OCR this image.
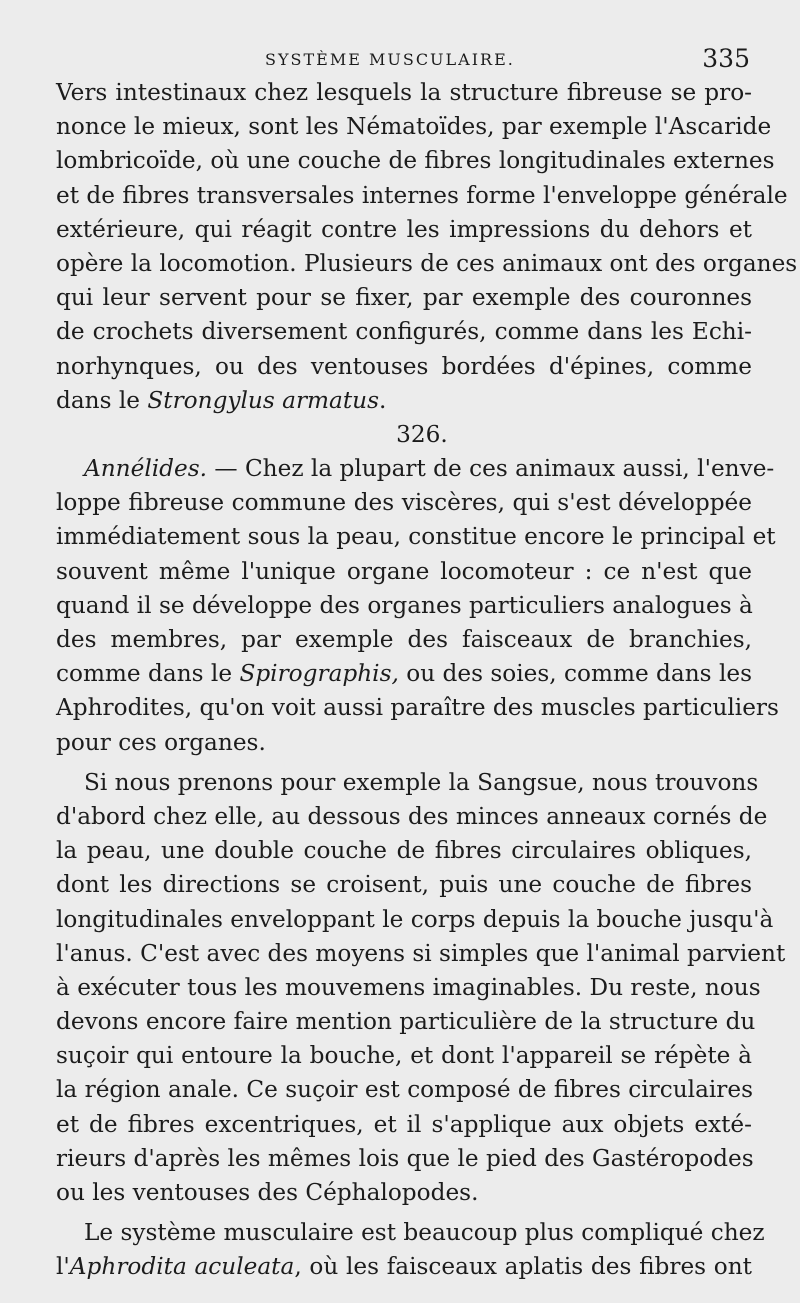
SYSTÈME MUSCULAIRE.	335
Vers intestinaux chez lesquels la structure fibreuse se pro-
nonce le mieux, sont les Nématoïdes, par exemple l'Ascaride
lombricoïde, où une couche de fibres longitudinales externes
et de fibres transversales internes forme l'enveloppe générale
extérieure, qui réagit contre les impressions du dehors et
opère la locomotion. Plusieurs de ces animaux ont des organes
qui leur servent pour se fixer, par exemple des couronnes
de crochets diversement configurés, comme dans les Echi-
norhynques, ou des ventouses bordées d'épines, comme
dans le Strongylus armatus.
326.
Annélides. — Chez la plupart de ces animaux aussi, l'enve-
loppe fibreuse commune des viscères, qui s'est développée
immédiatement sous la peau, constitue encore le principal et
souvent même l'unique organe locomoteur : ce n'est que
quand il se développe des organes particuliers analogues à
des membres, par exemple des faisceaux de branchies,
comme dans le Spirographis, ou des soies, comme dans les
Aphrodites, qu'on voit aussi paraître des muscles particuliers
pour ces organes.
Si nous prenons pour exemple la Sangsue, nous trouvons
d'abord chez elle, au dessous des minces anneaux cornés de
la peau, une double couche de fibres circulaires obliques,
dont les directions se croisent, puis une couche de fibres
longitudinales enveloppant le corps depuis la bouche jusqu'à
l'anus. C'est avec des moyens si simples que l'animal parvient
à exécuter tous les mouvemens imaginables. Du reste, nous
devons encore faire mention particulière de la structure du
suçoir qui entoure la bouche, et dont l'appareil se répète à
la région anale. Ce suçoir est composé de fibres circulaires
et de fibres excentriques, et il s'applique aux objets exté-
rieurs d'après les mêmes lois que le pied des Gastéropodes
ou les ventouses des Céphalopodes.
Le système musculaire est beaucoup plus compliqué chez
l'Aphrodita aculeata, où les faisceaux aplatis des fibres ont
